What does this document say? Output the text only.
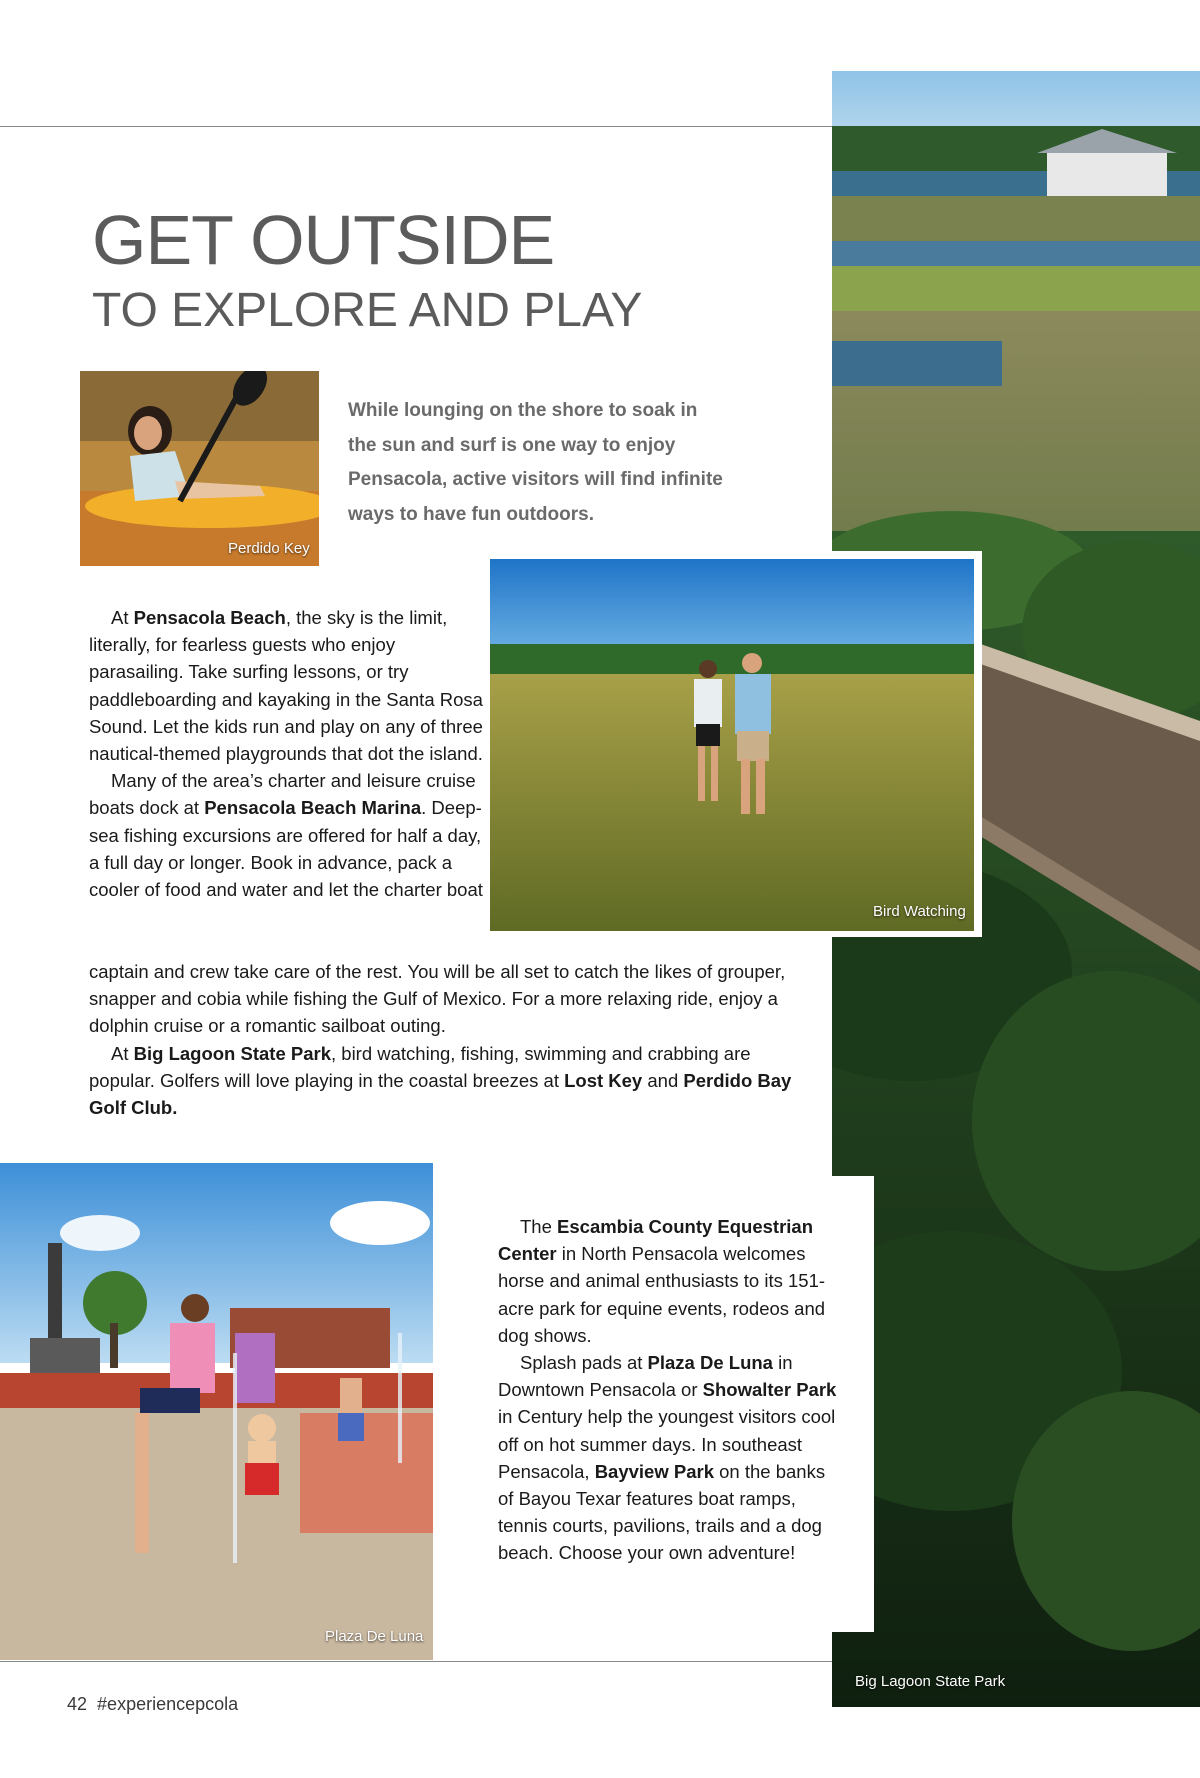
Big Lagoon State Park
GET OUTSIDE
TO EXPLORE AND PLAY
Perdido Key
While lounging on the shore to soak in the sun and surf is one way to enjoy Pensacola, active visitors will find infinite ways to have fun outdoors.
Bird Watching

At Pensacola Beach, the sky is the limit, literally, for fearless guests who enjoy parasailing. Take surfing lessons, or try paddleboarding and kayaking in the Santa Rosa Sound. Let the kids run and play on any of three nautical-themed playgrounds that dot the island.

Many of the area’s charter and leisure cruise boats dock at Pensacola Beach Marina. Deep-sea fishing excursions are offered for half a day, a full day or longer. Book in advance, pack a cooler of food and water and let the charter boat

captain and crew take care of the rest. You will be all set to catch the likes of grouper, snapper and cobia while fishing the Gulf of Mexico. For a more relaxing ride, enjoy a dolphin cruise or a romantic sailboat outing.

At Big Lagoon State Park, bird watching, fishing, swimming and crabbing are popular. Golfers will love playing in the coastal breezes at Lost Key and Perdido Bay Golf Club.

Plaza De Luna

The Escambia County Equestrian Center in North Pensacola welcomes horse and animal enthusiasts to its 151-acre park for equine events, rodeos and dog shows.

Splash pads at Plaza De Luna in Downtown Pensacola or Showalter Park in Century help the youngest visitors cool off on hot summer days. In southeast Pensacola, Bayview Park on the banks of Bayou Texar features boat ramps, tennis courts, pavilions, trails and a dog beach. Choose your own adventure!

42 #experiencepcola
